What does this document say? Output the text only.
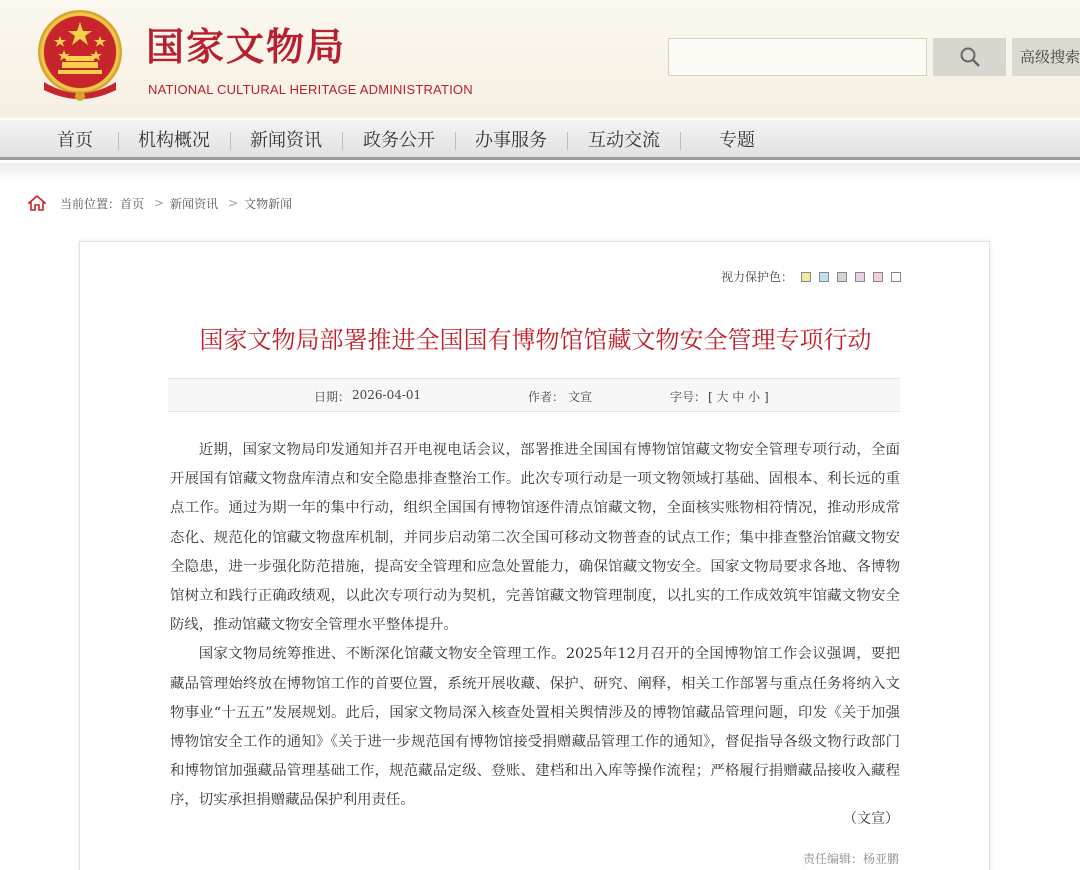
国家文物局
NATIONAL CULTURAL HERITAGE ADMINISTRATION
高级搜索
首页	机构概况	新闻资讯	政务公开	办事服务	互动交流	专题
当前位置： 首页 > 新闻资讯 > 文物新闻
视力保护色：
国家文物局部署推进全国国有博物馆馆藏文物安全管理专项行动
日期： 2026-04-01	作者： 文宣	字号： [ 大 中 小 ]

近期，国家文物局印发通知并召开电视电话会议，部署推进全国国有博物馆馆藏文物安全管理专项行动，全面开展国有馆藏文物盘库清点和安全隐患排查整治工作。此次专项行动是一项文物领域打基础、固根本、利长远的重点工作。通过为期一年的集中行动，组织全国国有博物馆逐件清点馆藏文物，全面核实账物相符情况，推动形成常态化、规范化的馆藏文物盘库机制，并同步启动第二次全国可移动文物普查的试点工作；集中排查整治馆藏文物安全隐患，进一步强化防范措施，提高安全管理和应急处置能力，确保馆藏文物安全。国家文物局要求各地、各博物馆树立和践行正确政绩观，以此次专项行动为契机，完善馆藏文物管理制度，以扎实的工作成效筑牢馆藏文物安全防线，推动馆藏文物安全管理水平整体提升。

国家文物局统筹推进、不断深化馆藏文物安全管理工作。2025年12月召开的全国博物馆工作会议强调，要把藏品管理始终放在博物馆工作的首要位置，系统开展收藏、保护、研究、阐释，相关工作部署与重点任务将纳入文物事业“十五五”发展规划。此后，国家文物局深入核查处置相关舆情涉及的博物馆藏品管理问题，印发《关于加强博物馆安全工作的通知》《关于进一步规范国有博物馆接受捐赠藏品管理工作的通知》，督促指导各级文物行政部门和博物馆加强藏品管理基础工作，规范藏品定级、登账、建档和出入库等操作流程；严格履行捐赠藏品接收入藏程序，切实承担捐赠藏品保护利用责任。

（文宣）
责任编辑：杨亚鹏
